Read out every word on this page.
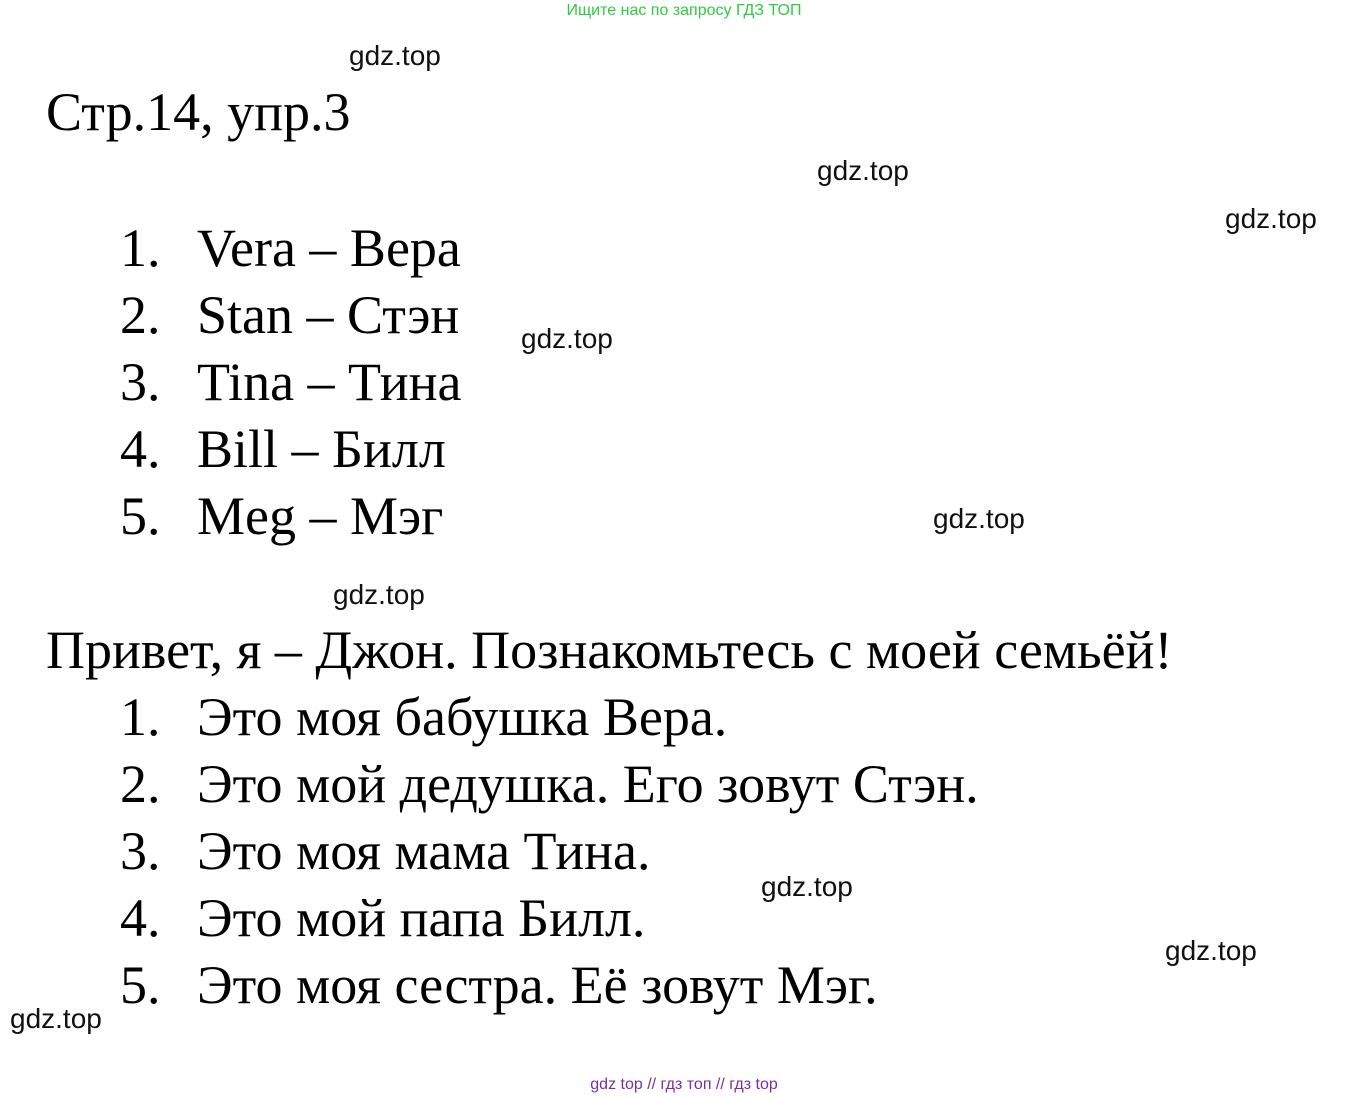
Ищите нас по запросу ГДЗ ТОП
Стр.14, упр.3
1. Vera – Вера
2. Stan – Стэн
3. Tina – Тина
4. Bill – Билл
5. Meg – Мэг
Привет, я – Джон. Познакомьтесь с моей семьёй!
1. Это моя бабушка Вера.
2. Это мой дедушка. Его зовут Стэн.
3. Это моя мама Тина.
4. Это мой папа Билл.
5. Это моя сестра. Её зовут Мэг.
gdz.top
gdz.top
gdz.top
gdz.top
gdz.top
gdz.top
gdz.top
gdz.top
gdz.top
gdz top // гдз топ // гдз top
